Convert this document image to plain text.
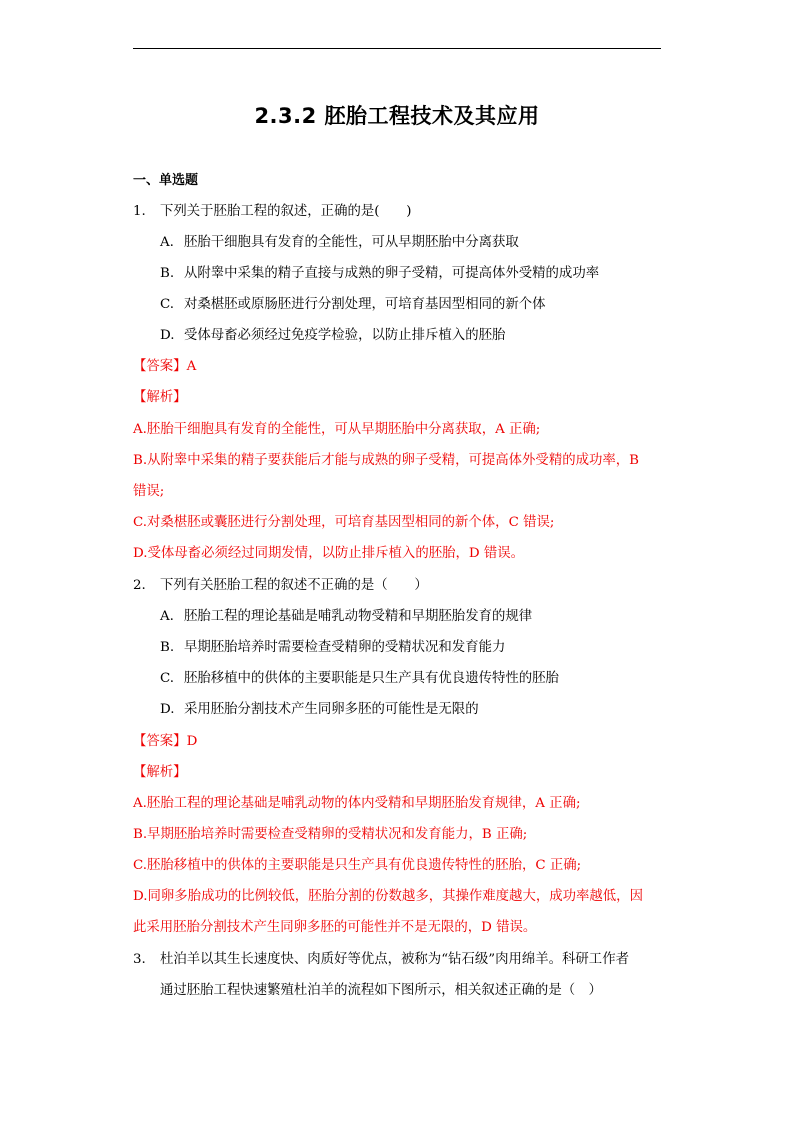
2.3.2 胚胎工程技术及其应用
一、单选题
1. 下列关于胚胎工程的叙述，正确的是(　　)
A. 胚胎干细胞具有发育的全能性，可从早期胚胎中分离获取
B. 从附睾中采集的精子直接与成熟的卵子受精，可提高体外受精的成功率
C. 对桑椹胚或原肠胚进行分割处理，可培育基因型相同的新个体
D. 受体母畜必须经过免疫学检验，以防止排斥植入的胚胎
【答案】A
【解析】
A.胚胎干细胞具有发育的全能性，可从早期胚胎中分离获取，A 正确;
B.从附睾中采集的精子要获能后才能与成熟的卵子受精，可提高体外受精的成功率，B
错误;
C.对桑椹胚或囊胚进行分割处理，可培育基因型相同的新个体，C 错误;
D.受体母畜必须经过同期发情，以防止排斥植入的胚胎，D 错误。
2. 下列有关胚胎工程的叙述不正确的是（　　）
A. 胚胎工程的理论基础是哺乳动物受精和早期胚胎发育的规律
B. 早期胚胎培养时需要检查受精卵的受精状况和发育能力
C. 胚胎移植中的供体的主要职能是只生产具有优良遗传特性的胚胎
D. 采用胚胎分割技术产生同卵多胚的可能性是无限的
【答案】D
【解析】
A.胚胎工程的理论基础是哺乳动物的体内受精和早期胚胎发育规律，A 正确;
B.早期胚胎培养时需要检查受精卵的受精状况和发育能力，B 正确;
C.胚胎移植中的供体的主要职能是只生产具有优良遗传特性的胚胎，C 正确;
D.同卵多胎成功的比例较低，胚胎分割的份数越多，其操作难度越大，成功率越低，因
此采用胚胎分割技术产生同卵多胚的可能性并不是无限的，D 错误。
3. 杜泊羊以其生长速度快、肉质好等优点，被称为“钻石级”肉用绵羊。科研工作者
通过胚胎工程快速繁殖杜泊羊的流程如下图所示，相关叙述正确的是（　）
